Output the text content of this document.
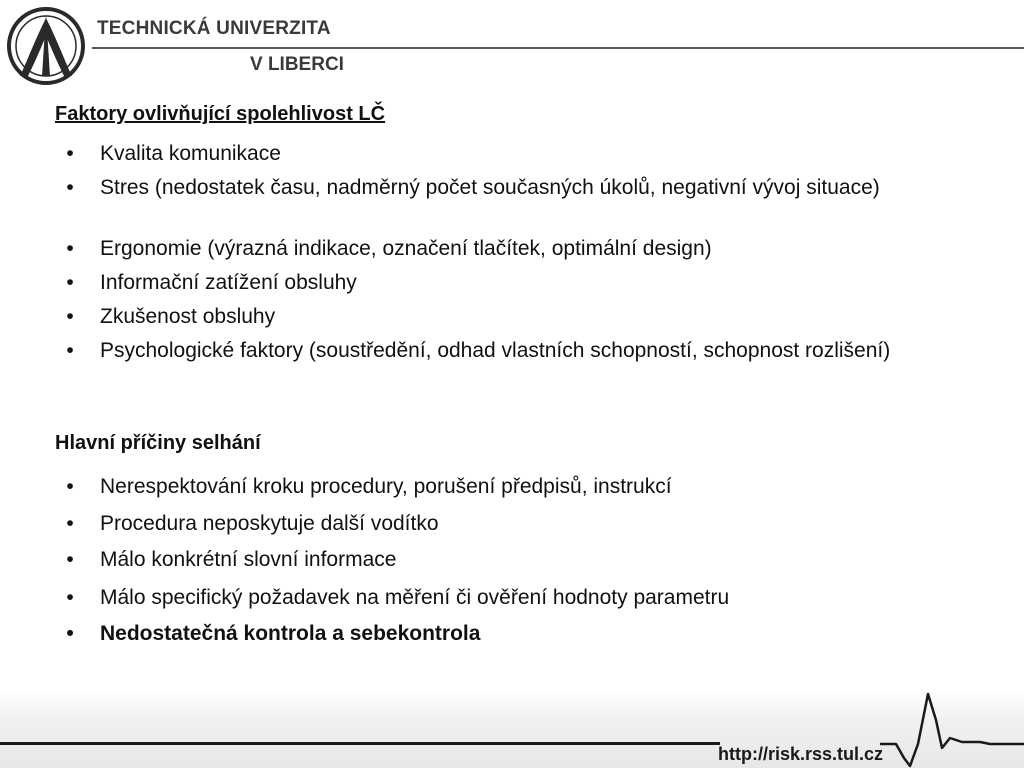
TECHNICKÁ UNIVERZITA
V LIBERCI
Faktory ovlivňující spolehlivost LČ
•	Kvalita komunikace
•	Stres (nedostatek času, nadměrný počet současných úkolů, negativní vývoj situace)
•	Ergonomie (výrazná indikace, označení tlačítek, optimální design)
•	Informační zatížení obsluhy
•	Zkušenost obsluhy
•	Psychologické faktory (soustředění, odhad vlastních schopností, schopnost rozlišení)
Hlavní příčiny selhání
•	Nerespektování kroku procedury, porušení předpisů, instrukcí
•	Procedura neposkytuje další vodítko
•	Málo konkrétní slovní informace
•	Málo specifický požadavek na měření či ověření hodnoty parametru
•	Nedostatečná kontrola a sebekontrola
http://risk.rss.tul.cz
